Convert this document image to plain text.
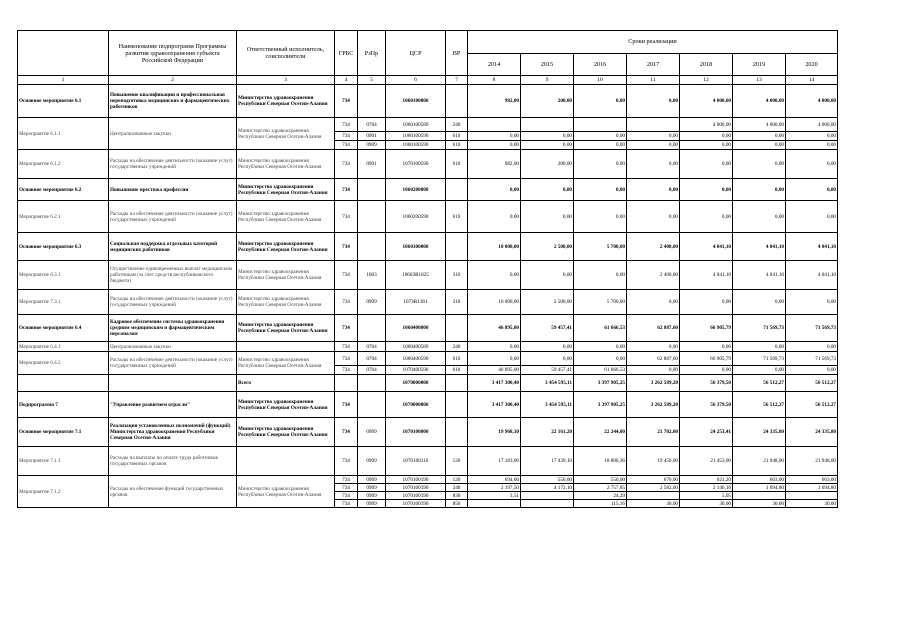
	Наименование подпрограмм Программы развития здравоохранения субъекта Российской Федерации	Ответственный исполнитель, соисполнители	ГРБС	РзПр	ЦСР	ВР	Сроки реализации						
							2014	2015	2016	2017	2018	2019	2020
1	2	3	4	5	6	7	8	9	10	11	12	13	14
Основное мероприятие 6.1	Повышение квалификации и профессиональная переподготовка медицинских и фармацевтических работников	Министерство здравоохранения Республики Северная Осетия-Алания	734		1060100000		982,00	200,00	0,00	0,00	4 000,00	4 000,00	4 000,00
Мероприятие 6.1.1	Централизованные закупки	Министерство здравоохранения Республики Северная Осетия-Алания	734	0704	1060100589	240					4 000,00	4 000,00	4 000,00
			734	0901	1060100590	610	0,00	0,00	0,00	0,00	0,00	0,00	0,00
			734	0909	1060100590	610	0,00	0,00	0,00	0,00	0,00	0,00	0,00
Мероприятие 6.1.2	Расходы на обеспечение деятельности (оказание услуг) государственных учреждений	Министерство здравоохранения Республики Северная Осетия-Алания	734	0901	1070100590	610	982,00	200,00	0,00	0,00	0,00	0,00	0,00
Основное мероприятие 6.2	Повышение престижа профессии	Министерство здравоохранения Республики Северная Осетия-Алания	734		1060200000		0,00	0,00	0,00	0,00	0,00	0,00	0,00
Мероприятие 6.2.1	Расходы на обеспечение деятельности (оказание услуг) государственных учреждений	Министерство здравоохранения Республики Северная Осетия-Алания	734		1060200590	610	0,00	0,00	0,00	0,00	0,00	0,00	0,00
Основное мероприятие 6.3	Социальная поддержка отдельных категорий медицинских работников	Министерство здравоохранения Республики Северная Осетия-Алания	734		1060300000		10 000,00	2 500,00	5 700,00	2 400,00	4 041,10	4 041,10	4 041,10
Мероприятие 6.3.1	Осуществление единовременных выплат медицинским работникам (за счет средств республиканского бюджета)	Министерство здравоохранения Республики Северная Осетия-Алания	734	1003	1060ЗR1825	310	0,00	0,00	0,00	2 400,00	4 041,10	4 041,10	4 041,10
Мероприятие 7.3.1	Расходы на обеспечение деятельности (оказание услуг) государственных учреждений	Министерство здравоохранения Республики Северная Осетия-Алания	734	0909	107ЗR1361	310	10 000,00	2 500,00	5 700,00	0,00	0,00	0,00	0,00
Основное мероприятие 6.4	Кадровое обеспечение системы здравоохранения средним медицинским и фармацевтическим персоналом	Министерство здравоохранения Республики Северная Осетия-Алания	734		1060400000		46 895,00	59 457,41	61 666,53	62 887,60	66 905,79	71 569,73	71 569,73
Мероприятие 6.4.1	Централизованные закупки		734	0704	1060400589	240	0,00	0,00	0,00	0,00	0,00	0,00	0,00
Мероприятие 6.4.2	Расходы на обеспечение деятельности (оказание услуг) государственных учреждений	Министерство здравоохранения Республики Северная Осетия-Алания	734	0704	1060400590	610	0,00	0,00	0,00	62 887,60	66 905,79	71 569,73	71 569,73
			734	0704	1070400590	610	46 895,00	59 457,41	61 666,53	0,00	0,00	0,00	0,00
		Всего			1070000000		3 417 300,40	3 454 595,11	3 397 905,25	3 262 589,20	56 379,50	56 512,27	56 512,27
Подпрограмма 7	"Управление развитием отрасли"	Министерство здравоохранения Республики Северная Осетия-Алания	734		1070000000		3 417 300,40	3 454 595,11	3 397 905,25	3 262 589,20	56 379,50	56 512,27	56 512,27
Основное мероприятие 7.1	Реализация установленных полномочий (функций) Министерства здравоохранения Республики Северная Осетия-Алания	Министерство здравоохранения Республики Северная Осетия-Алания	734	0909	1070100000		19 968,10	22 161,20	22 244,00	21 702,00	24 253,41	24 335,80	24 335,80
Мероприятие 7.1.1	Расходы на выплаты по оплате труда работников государственных органов		734	0909	1070100110	120	17 183,00	17 439,10	18 806,36	19 450,00	21 453,00	21 948,00	21 948,00
Мероприятие 7.1.2	Расходы на обеспечение функций государственных органов	Министерство здравоохранения Республики Северная Осетия-Алания	734	0909	1070100190	120	694,00	550,00	550,00	670,00	621,20	663,00	663,00
			734	0909	1070100190	240	2 197,50	4 172,10	2 757,85	2 582,00	2 146,16	1 694,80	1 694,80
			734	0909	1070100190	830	3,51		24,29		5,05		
			734	0909	1070100190	850			115,16	30,00	30,00	30,00	30,00
